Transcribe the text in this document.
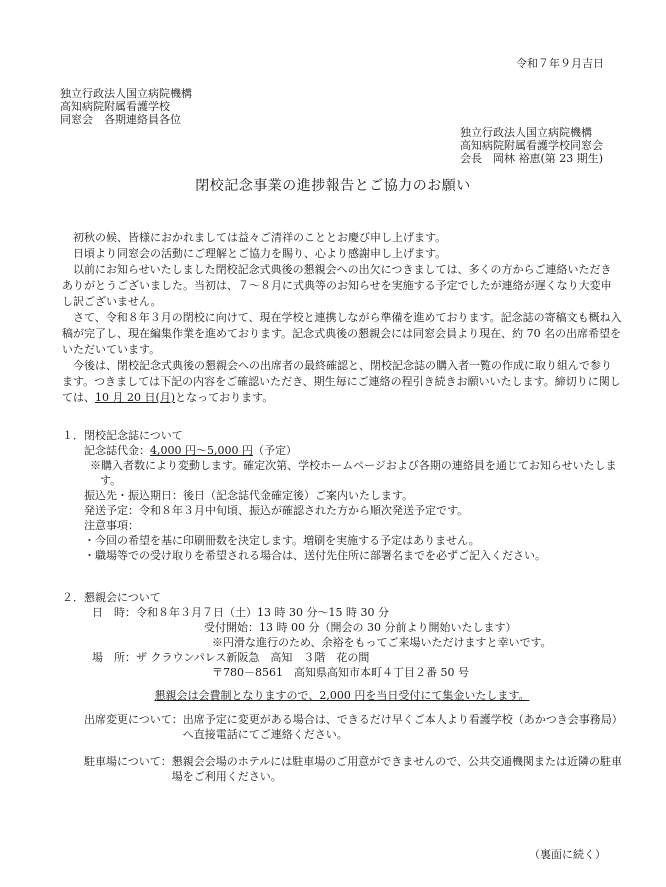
令和７年９月吉日
独立行政法人国立病院機構
高知病院附属看護学校
同窓会　各期連絡員各位
独立行政法人国立病院機構
高知病院附属看護学校同窓会
会長　岡林 裕恵(第 23 期生)
閉校記念事業の進捗報告とご協力のお願い

初秋の候、皆様におかれましては益々ご清祥のこととお慶び申し上げます。

日頃より同窓会の活動にご理解とご協力を賜り、心より感謝申し上げます。

以前にお知らせいたしました閉校記念式典後の懇親会への出欠につきましては、多くの方からご連絡いただきありがとうございました。当初は、７～８月に式典等のお知らせを実施する予定でしたが連絡が遅くなり大変申し訳ございません。

さて、令和８年３月の閉校に向けて、現在学校と連携しながら準備を進めております。記念誌の寄稿文も概ね入稿が完了し、現在編集作業を進めております。記念式典後の懇親会には同窓会員より現在、約 70 名の出席希望をいただいています。

今後は、閉校記念式典後の懇親会への出席者の最終確認と、閉校記念誌の購入者一覧の作成に取り組んで参ります。つきましては下記の内容をご確認いただき、期生毎にご連絡の程引き続きお願いいたします。締切りに関しては、10 月 20 日(月)となっております。

１．閉校記念誌について
記念誌代金：4,000 円～5,000 円（予定）
※購入者数により変動します。確定次第、学校ホームページおよび各期の連絡員を通じてお知らせいたします。
振込先・振込期日：後日（記念誌代金確定後）ご案内いたします。
発送予定：令和８年３月中旬頃、振込が確認された方から順次発送予定です。
注意事項：
・今回の希望を基に印刷冊数を決定します。増刷を実施する予定はありません。
・職場等での受け取りを希望される場合は、送付先住所に部署名までを必ずご記入ください。
２．懇親会について
日　時：令和８年３月７日（土）13 時 30 分～15 時 30 分
受付開始：13 時 00 分（開会の 30 分前より開始いたします）
※円滑な進行のため、余裕をもってご来場いただけますと幸いです。
場　所：ザ クラウンパレス新阪急　高知　３階　花の間
〒780－8561　高知県高知市本町４丁目２番 50 号
懇親会は会費制となりますので、2,000 円を当日受付にて集金いたします。
出席変更について： 出席予定に変更がある場合は、できるだけ早くご本人より看護学校（あかつき会事務局）へ直接電話にてご連絡ください。
駐車場について： 懇親会会場のホテルには駐車場のご用意ができませんので、公共交通機関または近隣の駐車場をご利用ください。
（裏面に続く）
